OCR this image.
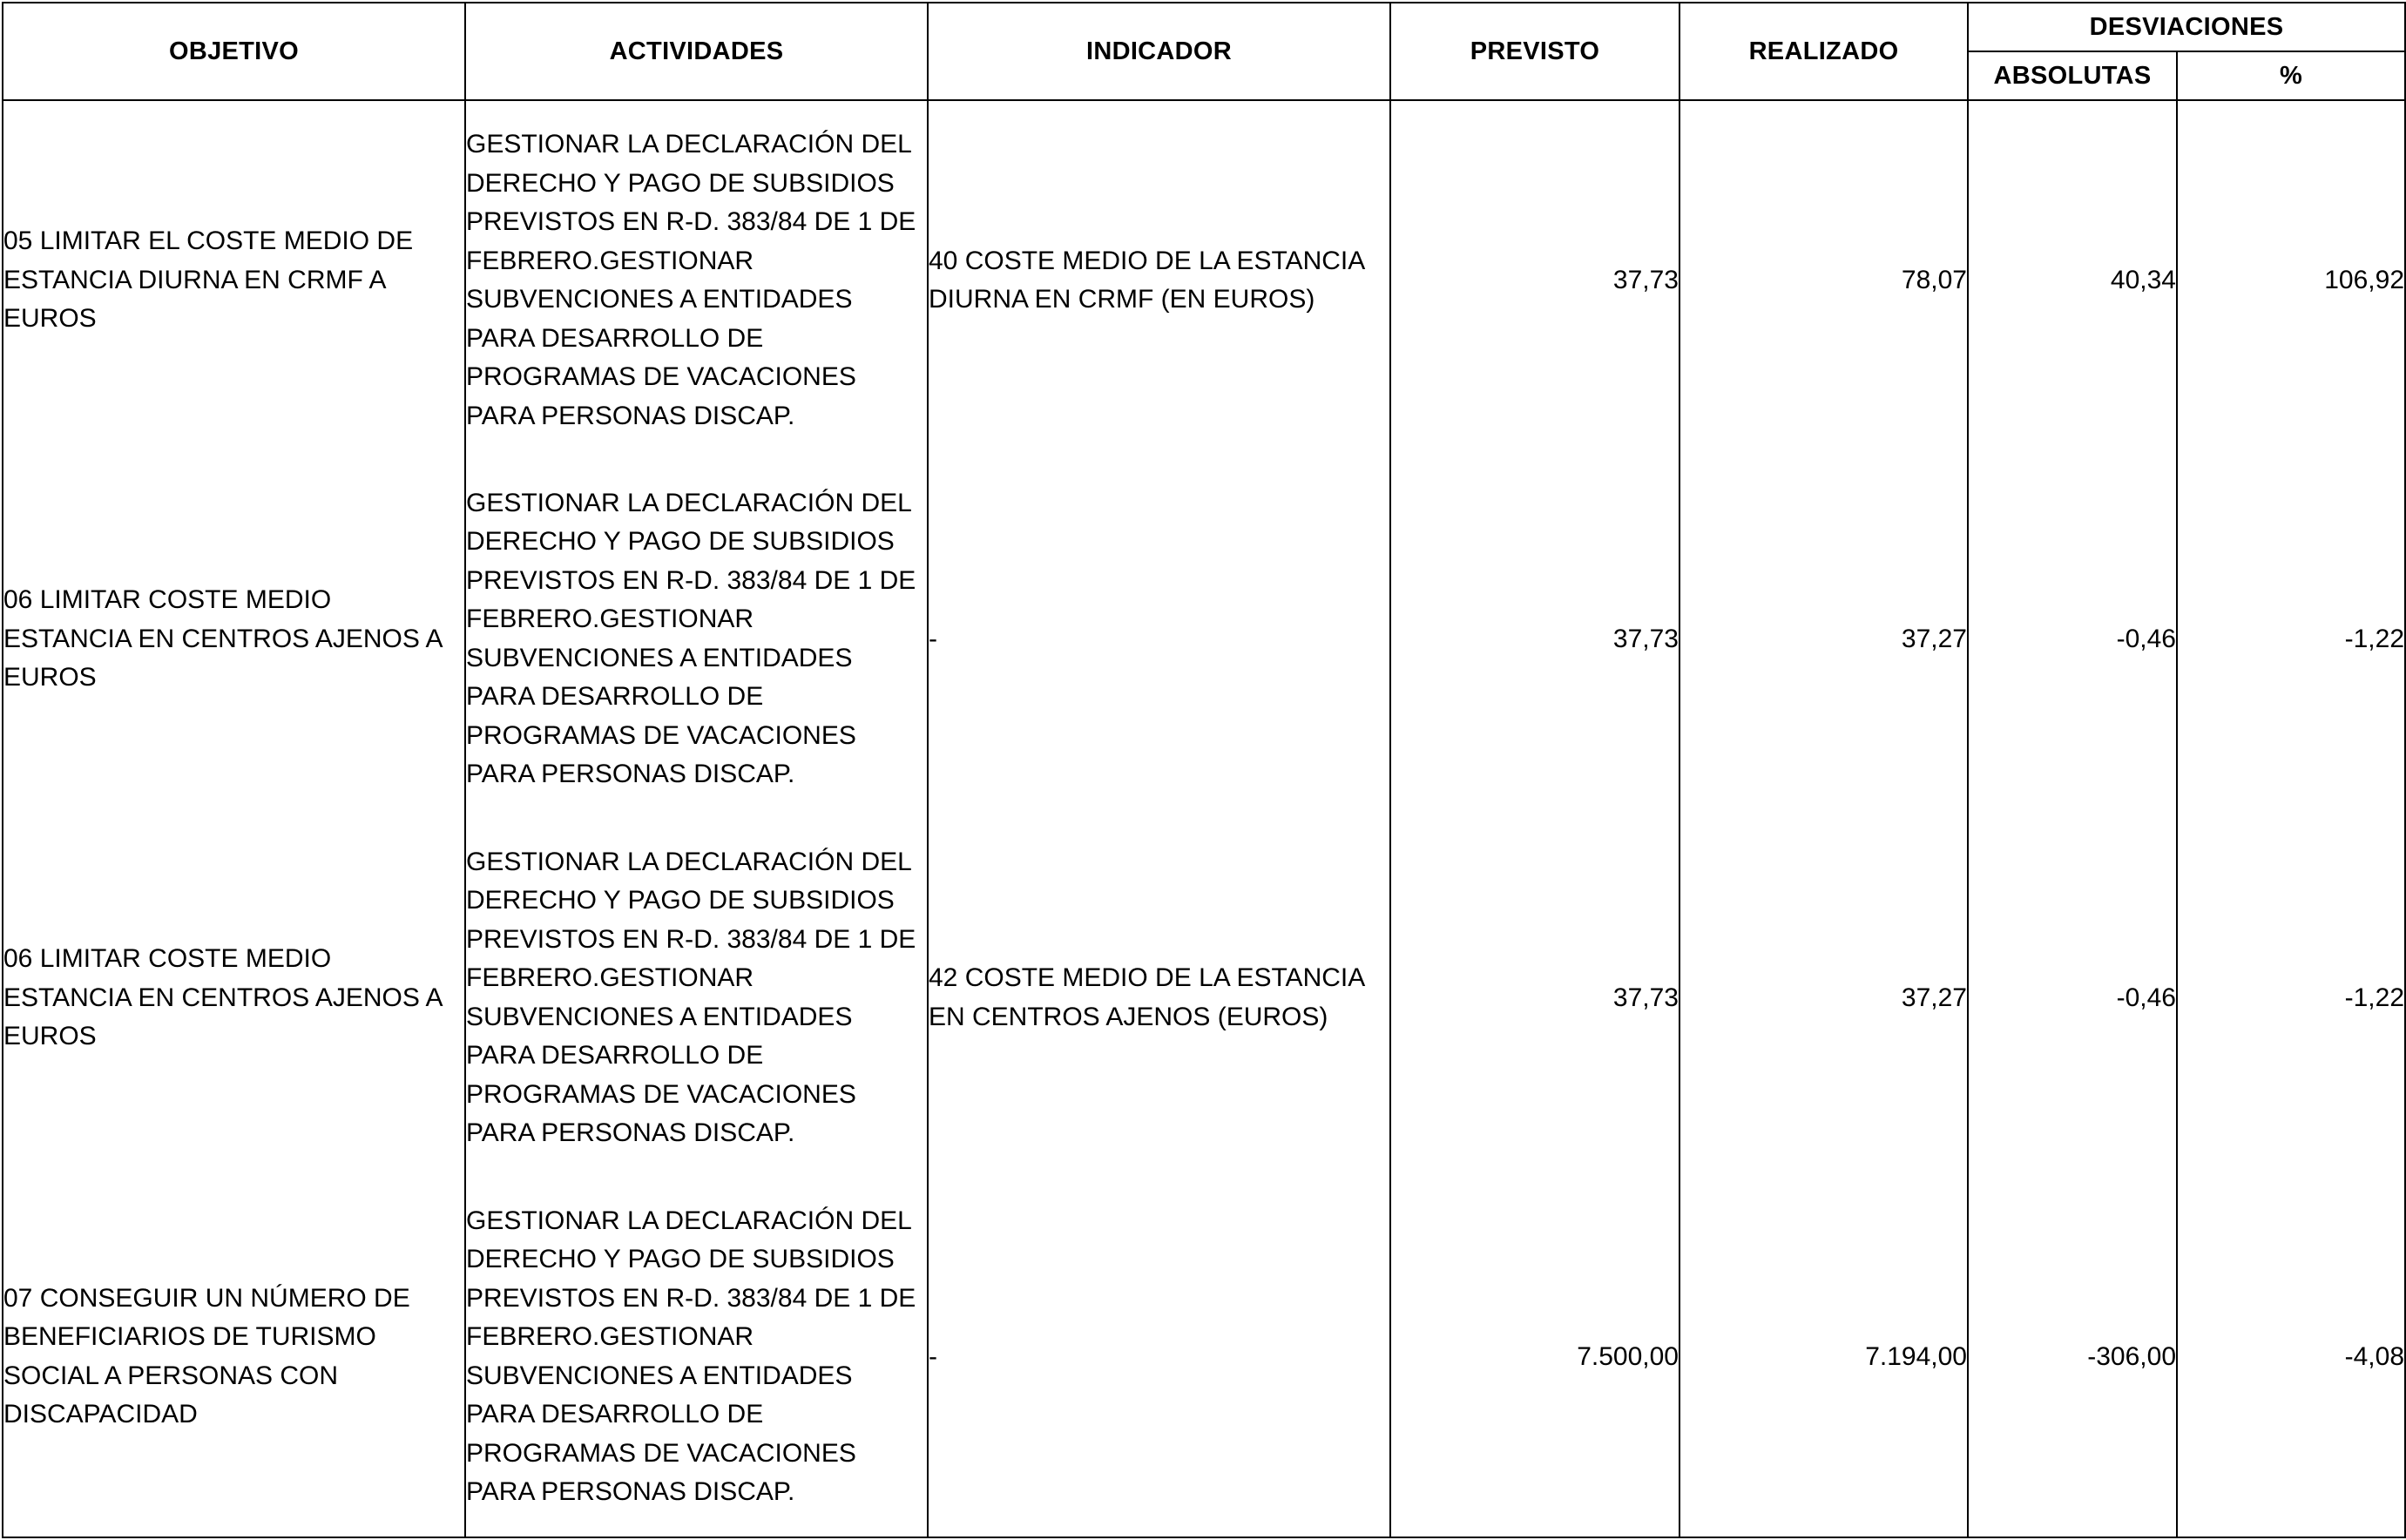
OBJETIVO	ACTIVIDADES	INDICADOR	PREVISTO	REALIZADO	DESVIACIONES	
					ABSOLUTAS	%
05 LIMITAR EL COSTE MEDIO DE ESTANCIA DIURNA EN CRMF A EUROS	GESTIONAR LA DECLARACIÓN DEL DERECHO Y PAGO DE SUBSIDIOS PREVISTOS EN R-D. 383/84 DE 1 DE FEBRERO.GESTIONAR SUBVENCIONES A ENTIDADES PARA DESARROLLO DE PROGRAMAS DE VACACIONES PARA PERSONAS DISCAP.	40 COSTE MEDIO DE LA ESTANCIA DIURNA EN CRMF (EN EUROS)	37,73	78,07	40,34	106,92
06 LIMITAR COSTE MEDIO ESTANCIA EN CENTROS AJENOS A EUROS	GESTIONAR LA DECLARACIÓN DEL DERECHO Y PAGO DE SUBSIDIOS PREVISTOS EN R-D. 383/84 DE 1 DE FEBRERO.GESTIONAR SUBVENCIONES A ENTIDADES PARA DESARROLLO DE PROGRAMAS DE VACACIONES PARA PERSONAS DISCAP.	-	37,73	37,27	-0,46	-1,22
06 LIMITAR COSTE MEDIO ESTANCIA EN CENTROS AJENOS A EUROS	GESTIONAR LA DECLARACIÓN DEL DERECHO Y PAGO DE SUBSIDIOS PREVISTOS EN R-D. 383/84 DE 1 DE FEBRERO.GESTIONAR SUBVENCIONES A ENTIDADES PARA DESARROLLO DE PROGRAMAS DE VACACIONES PARA PERSONAS DISCAP.	42 COSTE MEDIO DE LA ESTANCIA EN CENTROS AJENOS (EUROS)	37,73	37,27	-0,46	-1,22
07 CONSEGUIR UN NÚMERO DE BENEFICIARIOS DE TURISMO SOCIAL A PERSONAS CON DISCAPACIDAD	GESTIONAR LA DECLARACIÓN DEL DERECHO Y PAGO DE SUBSIDIOS PREVISTOS EN R-D. 383/84 DE 1 DE FEBRERO.GESTIONAR SUBVENCIONES A ENTIDADES PARA DESARROLLO DE PROGRAMAS DE VACACIONES PARA PERSONAS DISCAP.	-	7.500,00	7.194,00	-306,00	-4,08
